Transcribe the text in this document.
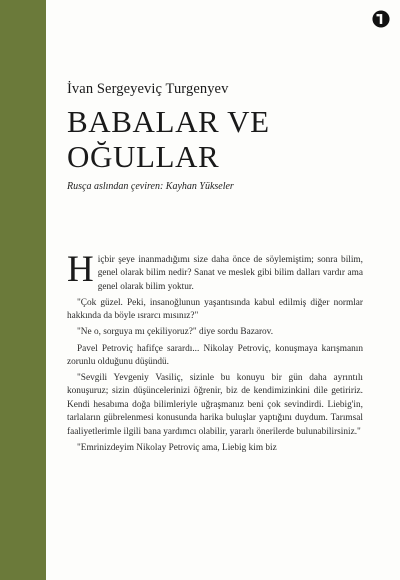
İvan Sergeyeviç Turgenyev

BABALAR VE
OĞULLAR

Rusça aslından çeviren: Kayhan Yükseler

H içbir şeye inanmadığımı size daha önce de söylemiştim; sonra bilim, genel olarak bilim nedir? Sanat ve meslek gibi bilim dalları vardır ama genel olarak bilim yoktur.

"Çok güzel. Peki, insanoğlunun yaşantısında kabul edilmiş diğer normlar hakkında da böyle ısrarcı mısınız?"

"Ne o, sorguya mı çekiliyoruz?" diye sordu Bazarov.

Pavel Petroviç hafifçe sarardı... Nikolay Petroviç, konuşmaya karışmanın zorunlu olduğunu düşündü.

"Sevgili Yevgeniy Vasiliç, sizinle bu konuyu bir gün daha ayrıntılı konuşuruz; sizin düşüncelerinizi öğrenir, biz de kendimizinkini dile getiririz. Kendi hesabıma doğa bilimleriyle uğraşmanız beni çok sevindirdi. Liebig'in, tarlaların gübrelenmesi konusunda harika buluşlar yaptığını duydum. Tarımsal faaliyetlerimle ilgili bana yardımcı olabilir, yararlı önerilerde bulunabilirsiniz."

"Emrinizdeyim Nikolay Petroviç ama, Liebig kim biz
